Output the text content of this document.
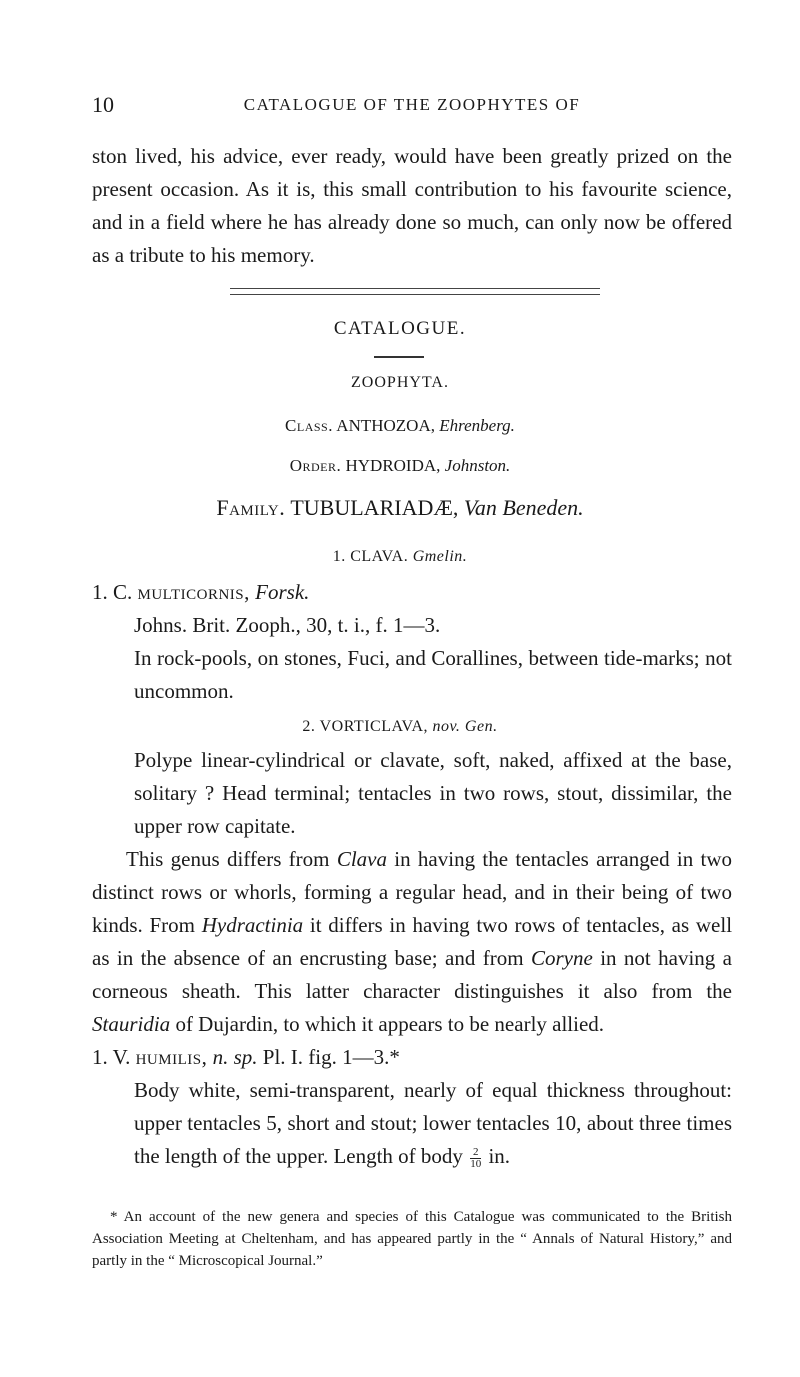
10	CATALOGUE OF THE ZOOPHYTES OF

ston lived, his advice, ever ready, would have been greatly prized on the present occasion. As it is, this small contribution to his favourite science, and in a field where he has already done so much, can only now be offered as a tribute to his memory.

CATALOGUE.
ZOOPHYTA.
Class. ANTHOZOA, Ehrenberg.
Order. HYDROIDA, Johnston.
Family. TUBULARIADÆ, Van Beneden.
1. CLAVA. Gmelin.

1. C. multicornis, Forsk.

Johns. Brit. Zooph., 30, t. i., f. 1—3.

In rock-pools, on stones, Fuci, and Corallines, between tide-marks; not uncommon.

2. VORTICLAVA, nov. Gen.

Polype linear-cylindrical or clavate, soft, naked, affixed at the base, solitary ? Head terminal; tentacles in two rows, stout, dissimilar, the upper row capitate.

This genus differs from Clava in having the tentacles arranged in two distinct rows or whorls, forming a regular head, and in their being of two kinds. From Hydractinia it differs in having two rows of tentacles, as well as in the absence of an encrusting base; and from Coryne in not having a corneous sheath. This latter character distinguishes it also from the Stauridia of Dujardin, to which it appears to be nearly allied.

1. V. humilis, n. sp. Pl. I. fig. 1—3.*

Body white, semi-transparent, nearly of equal thickness throughout: upper tentacles 5, short and stout; lower tentacles 10, about three times the length of the upper. Length of body $\frac{2}{10}$ in.

* An account of the new genera and species of this Catalogue was communicated to the British Association Meeting at Cheltenham, and has appeared partly in the “ Annals of Natural History,” and partly in the “ Microscopical Journal.”
